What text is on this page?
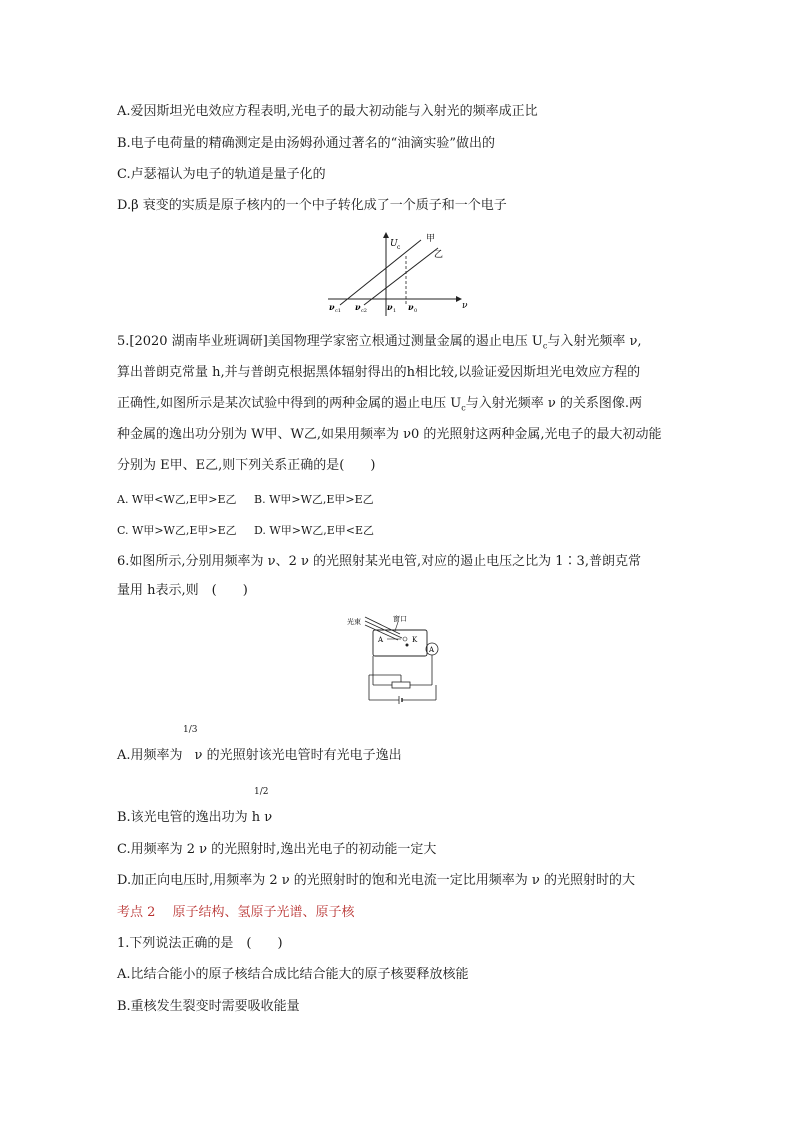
A.爱因斯坦光电效应方程表明,光电子的最大初动能与入射光的频率成正比
B.电子电荷量的精确测定是由汤姆孙通过著名的“油滴实验”做出的
C.卢瑟福认为电子的轨道是量子化的
D.β 衰变的实质是原子核内的一个中子转化成了一个质子和一个电子
U c
ν
甲
乙
ν c1 ν c2	ν 1 ν 0
5.[2020 湖南毕业班调研]美国物理学家密立根通过测量金属的遏止电压 $U_c$与入射光频率 ν,
算出普朗克常量 h,并与普朗克根据黑体辐射得出的h相比较,以验证爱因斯坦光电效应方程的
正确性,如图所示是某次试验中得到的两种金属的遏止电压 $U_c$与入射光频率 ν 的关系图像.两
种金属的逸出功分别为 W甲、W乙,如果用频率为 ν0 的光照射这两种金属,光电子的最大初动能
分别为 E甲、E乙,则下列关系正确的是(　　)
A. W甲<W乙,E甲>E乙 B. W甲>W乙,E甲>E乙
C. W甲>W乙,E甲>E乙 D. W甲>W乙,E甲<E乙
6.如图所示,分别用频率为 ν、2 ν 的光照射某光电管,对应的遏止电压之比为 1∶3,普朗克常
量用 h表示,则　(　　)
光束	窗口
A	K
A
1/3
A.用频率为 ν 的光照射该光电管时有光电子逸出
1/2
B.该光电管的逸出功为 h ν
C.用频率为 2 ν 的光照射时,逸出光电子的初动能一定大
D.加正向电压时,用频率为 2 ν 的光照射时的饱和光电流一定比用频率为 ν 的光照射时的大
考点 2　 原子结构、氢原子光谱、原子核
1.下列说法正确的是　(　　)
A.比结合能小的原子核结合成比结合能大的原子核要释放核能
B.重核发生裂变时需要吸收能量
